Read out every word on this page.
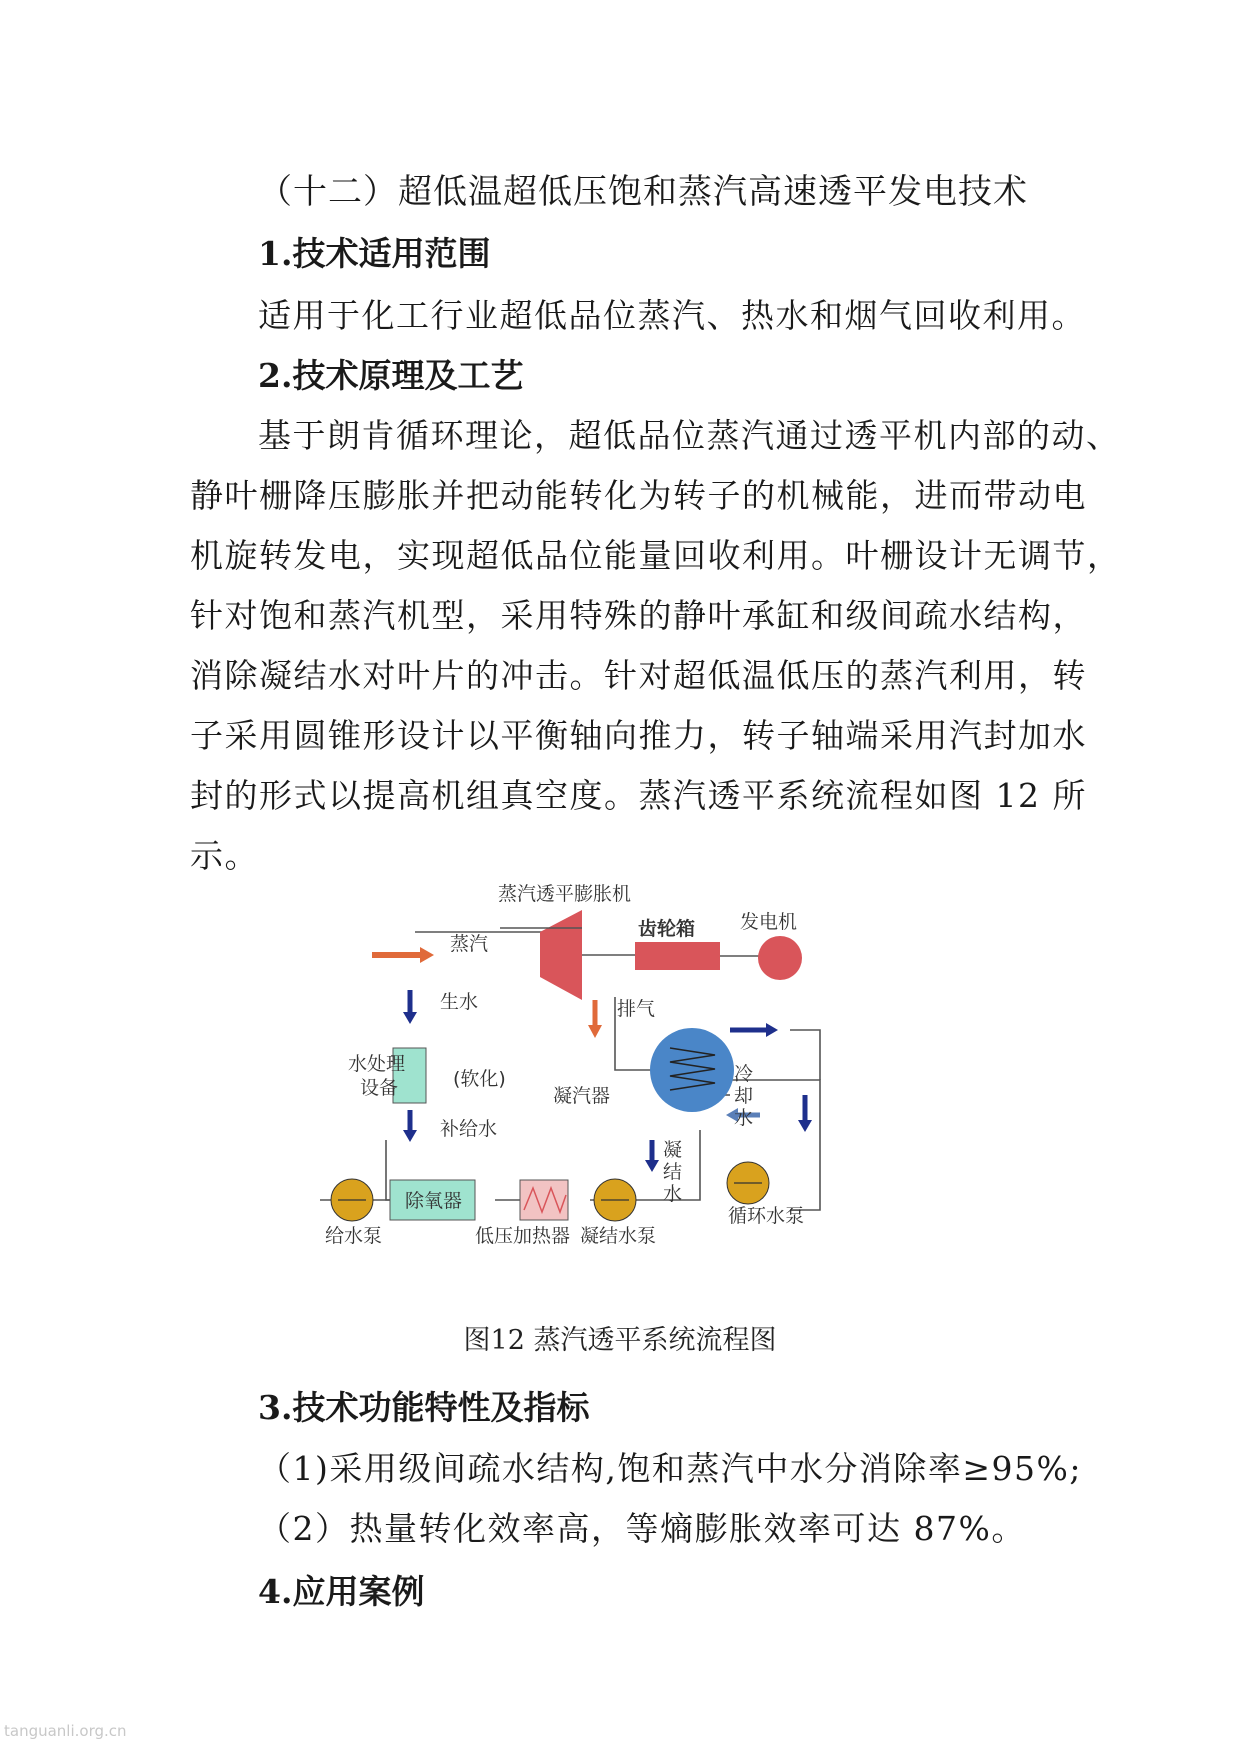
（十二）超低温超低压饱和蒸汽高速透平发电技术
1.技术适用范围
适用于化工行业超低品位蒸汽、热水和烟气回收利用。
2.技术原理及工艺
基于朗肯循环理论，超低品位蒸汽通过透平机内部的动、
静叶栅降压膨胀并把动能转化为转子的机械能，进而带动电
机旋转发电，实现超低品位能量回收利用。叶栅设计无调节，
针对饱和蒸汽机型，采用特殊的静叶承缸和级间疏水结构，
消除凝结水对叶片的冲击。针对超低温低压的蒸汽利用，转
子采用圆锥形设计以平衡轴向推力，转子轴端采用汽封加水
封的形式以提高机组真空度。蒸汽透平系统流程如图 12 所
示。
蒸汽透平膨胀机
蒸汽
齿轮箱 发电机
排气
生水
水处理
设备	(软化)
补给水
凝汽器
冷
却
水
凝
结
水
除氧器
给水泵	低压加热器 凝结水泵
循环水泵
图12 蒸汽透平系统流程图
3.技术功能特性及指标
（1)采用级间疏水结构,饱和蒸汽中水分消除率≥95%;
（2）热量转化效率高，等熵膨胀效率可达 87%。
4.应用案例
tanguanli.org.cn
